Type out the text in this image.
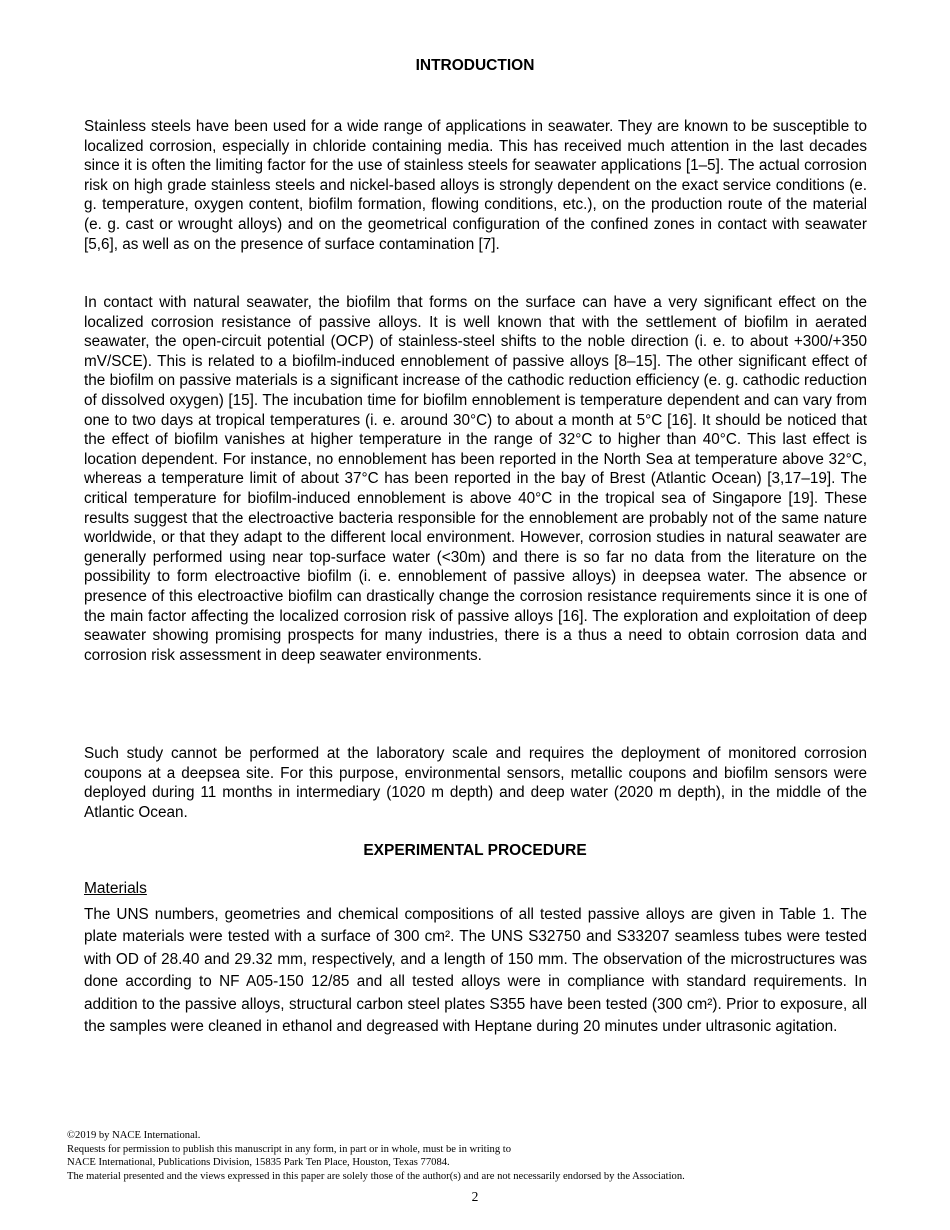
INTRODUCTION

Stainless steels have been used for a wide range of applications in seawater. They are known to be susceptible to localized corrosion, especially in chloride containing media. This has received much attention in the last decades since it is often the limiting factor for the use of stainless steels for seawater applications [1–5]. The actual corrosion risk on high grade stainless steels and nickel-based alloys is strongly dependent on the exact service conditions (e. g. temperature, oxygen content, biofilm formation, flowing conditions, etc.), on the production route of the material (e. g. cast or wrought alloys) and on the geometrical configuration of the confined zones in contact with seawater [5,6], as well as on the presence of surface contamination [7].

In contact with natural seawater, the biofilm that forms on the surface can have a very significant effect on the localized corrosion resistance of passive alloys. It is well known that with the settlement of biofilm in aerated seawater, the open-circuit potential (OCP) of stainless-steel shifts to the noble direction (i. e. to about +300/+350 mV/SCE). This is related to a biofilm-induced ennoblement of passive alloys [8–15]. The other significant effect of the biofilm on passive materials is a significant increase of the cathodic reduction efficiency (e. g. cathodic reduction of dissolved oxygen) [15]. The incubation time for biofilm ennoblement is temperature dependent and can vary from one to two days at tropical temperatures (i. e. around 30°C) to about a month at 5°C [16]. It should be noticed that the effect of biofilm vanishes at higher temperature in the range of 32°C to higher than 40°C. This last effect is location dependent. For instance, no ennoblement has been reported in the North Sea at temperature above 32°C, whereas a temperature limit of about 37°C has been reported in the bay of Brest (Atlantic Ocean) [3,17–19]. The critical temperature for biofilm-induced ennoblement is above 40°C in the tropical sea of Singapore [19]. These results suggest that the electroactive bacteria responsible for the ennoblement are probably not of the same nature worldwide, or that they adapt to the different local environment. However, corrosion studies in natural seawater are generally performed using near top-surface water (<30m) and there is so far no data from the literature on the possibility to form electroactive biofilm (i. e. ennoblement of passive alloys) in deepsea water. The absence or presence of this electroactive biofilm can drastically change the corrosion resistance requirements since it is one of the main factor affecting the localized corrosion risk of passive alloys [16]. The exploration and exploitation of deep seawater showing promising prospects for many industries, there is a thus a need to obtain corrosion data and corrosion risk assessment in deep seawater environments.

Such study cannot be performed at the laboratory scale and requires the deployment of monitored corrosion coupons at a deepsea site. For this purpose, environmental sensors, metallic coupons and biofilm sensors were deployed during 11 months in intermediary (1020 m depth) and deep water (2020 m depth), in the middle of the Atlantic Ocean.

EXPERIMENTAL PROCEDURE
Materials

The UNS numbers, geometries and chemical compositions of all tested passive alloys are given in Table 1. The plate materials were tested with a surface of 300 cm². The UNS S32750 and S33207 seamless tubes were tested with OD of 28.40 and 29.32 mm, respectively, and a length of 150 mm. The observation of the microstructures was done according to NF A05-150 12/85 and all tested alloys were in compliance with standard requirements. In addition to the passive alloys, structural carbon steel plates S355 have been tested (300 cm²). Prior to exposure, all the samples were cleaned in ethanol and degreased with Heptane during 20 minutes under ultrasonic agitation.

©2019 by NACE International.
Requests for permission to publish this manuscript in any form, in part or in whole, must be in writing to
NACE International, Publications Division, 15835 Park Ten Place, Houston, Texas 77084.
The material presented and the views expressed in this paper are solely those of the author(s) and are not necessarily endorsed by the Association.
2
